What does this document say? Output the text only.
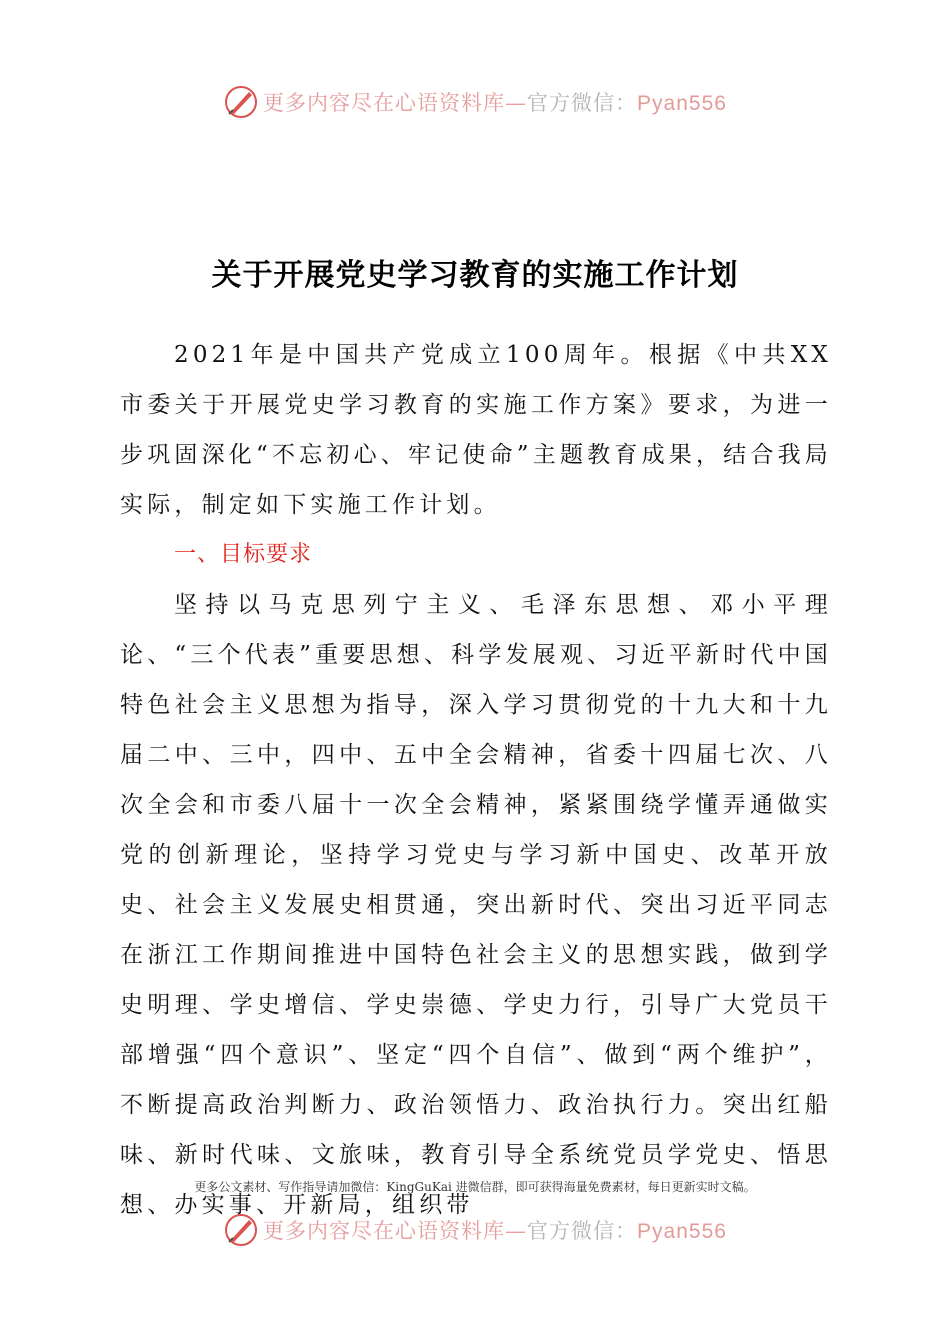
更多内容尽在心语资料库—官方微信：Pyan556
关于开展党史学习教育的实施工作计划

2021年是中国共产党成立100周年。根据《中共XX市委关于开展党史学习教育的实施工作方案》要求，为进一步巩固深化“不忘初心、牢记使命”主题教育成果，结合我局实际，制定如下实施工作计划。

一、目标要求

坚持以马克思列宁主义、毛泽东思想、邓小平理论、“三个代表”重要思想、科学发展观、习近平新时代中国特色社会主义思想为指导，深入学习贯彻党的十九大和十九届二中、三中，四中、五中全会精神，省委十四届七次、八次全会和市委八届十一次全会精神，紧紧围绕学懂弄通做实党的创新理论，坚持学习党史与学习新中国史、改革开放史、社会主义发展史相贯通，突出新时代、突出习近平同志在浙江工作期间推进中国特色社会主义的思想实践，做到学史明理、学史增信、学史崇德、学史力行，引导广大党员干部增强“四个意识”、坚定“四个自信”、做到“两个维护”，不断提高政治判断力、政治领悟力、政治执行力。突出红船味、新时代味、文旅味，教育引导全系统党员学党史、悟思想、办实事、开新局，组织带

更多公文素材、写作指导请加微信：KingGuKai 进微信群，即可获得海量免费素材，每日更新实时文稿。
更多内容尽在心语资料库—官方微信：Pyan556
